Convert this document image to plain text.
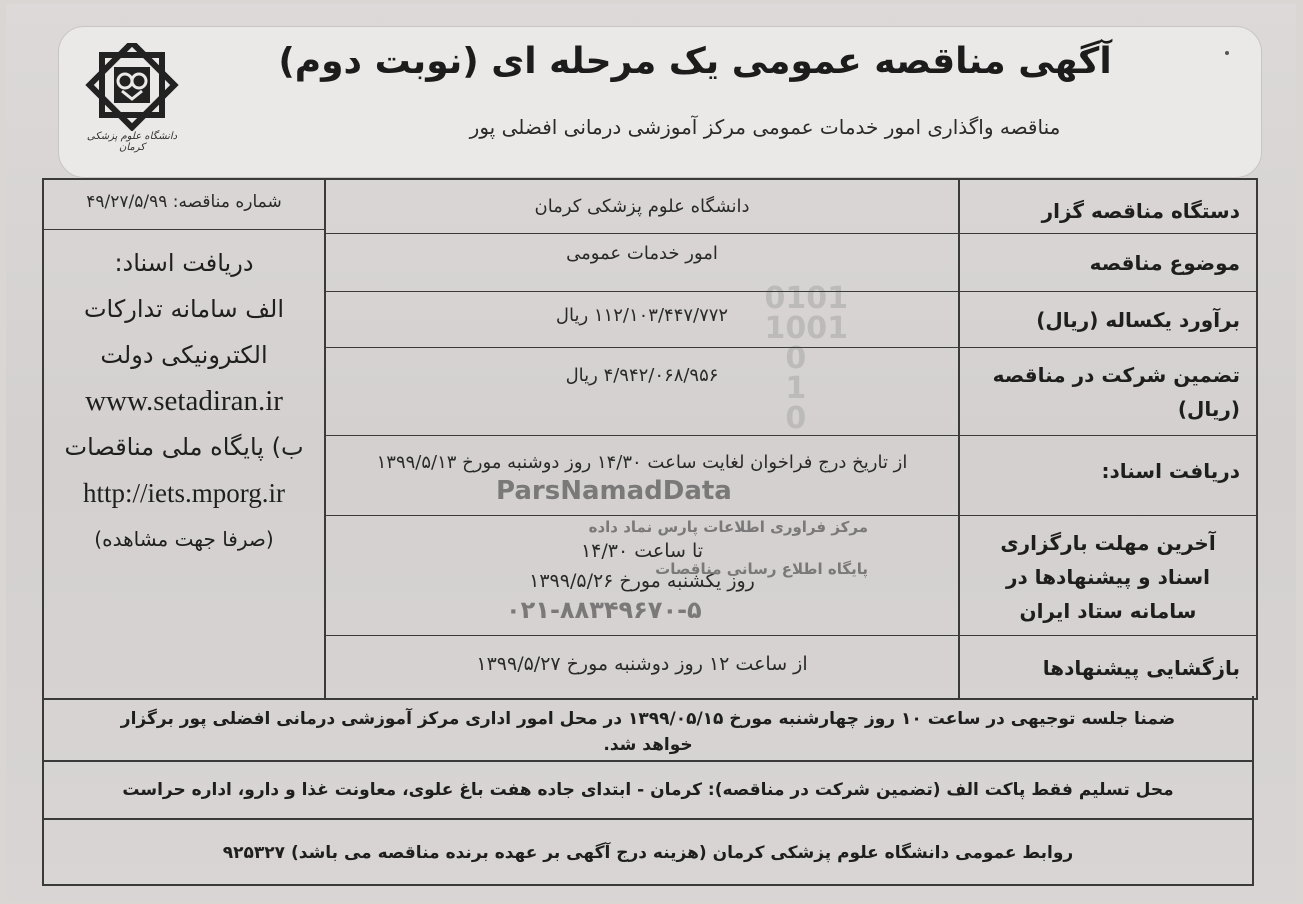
دانشگاه علوم پزشکی کرمان
آگهی مناقصه عمومی یک مرحله ای (نوبت دوم)
مناقصه واگذاری امور خدمات عمومی مرکز آموزشی درمانی افضلی پور
شماره مناقصه: ۴۹/۲۷/۵/۹۹
دریافت اسناد:
الف سامانه تدارکات
الکترونیکی دولت
www.setadiran.ir
ب) پایگاه ملی مناقصات
http://iets.mporg.ir
(صرفا جهت مشاهده)
0101
1001
0
1
0
دانشگاه علوم پزشکی کرمان
امور خدمات عمومی
۱۱۲/۱۰۳/۴۴۷/۷۷۲ ریال
۴/۹۴۲/۰۶۸/۹۵۶ ریال
از تاریخ درج فراخوان لغایت ساعت ۱۴/۳۰ روز دوشنبه مورخ ۱۳۹۹/۵/۱۳
ParsNamadData
مرکز فراوری اطلاعات پارس نماد داده
تا ساعت ۱۴/۳۰
پایگاه اطلاع رسانی مناقصات
روز یکشنبه مورخ ۱۳۹۹/۵/۲۶
۰۲۱-۸۸۳۴۹۶۷۰-۵
از ساعت ۱۲ روز دوشنبه مورخ ۱۳۹۹/۵/۲۷
دستگاه مناقصه گزار
موضوع مناقصه
برآورد یکساله (ریال)
تضمین شرکت در مناقصه (ریال)
دریافت اسناد:
آخرین مهلت بارگزاری اسناد و پیشنهادها در سامانه ستاد ایران
بازگشایی پیشنهادها
ضمنا جلسه توجیهی در ساعت ۱۰ روز چهارشنبه مورخ ۱۳۹۹/۰۵/۱۵ در محل امور اداری مرکز آموزشی درمانی افضلی پور برگزار خواهد شد.
محل تسلیم فقط پاکت الف (تضمین شرکت در مناقصه): کرمان - ابتدای جاده هفت باغ علوی، معاونت غذا و دارو، اداره حراست
روابط عمومی دانشگاه علوم پزشکی کرمان (هزینه درج آگهی بر عهده برنده مناقصه می باشد) ۹۲۵۳۲۷
